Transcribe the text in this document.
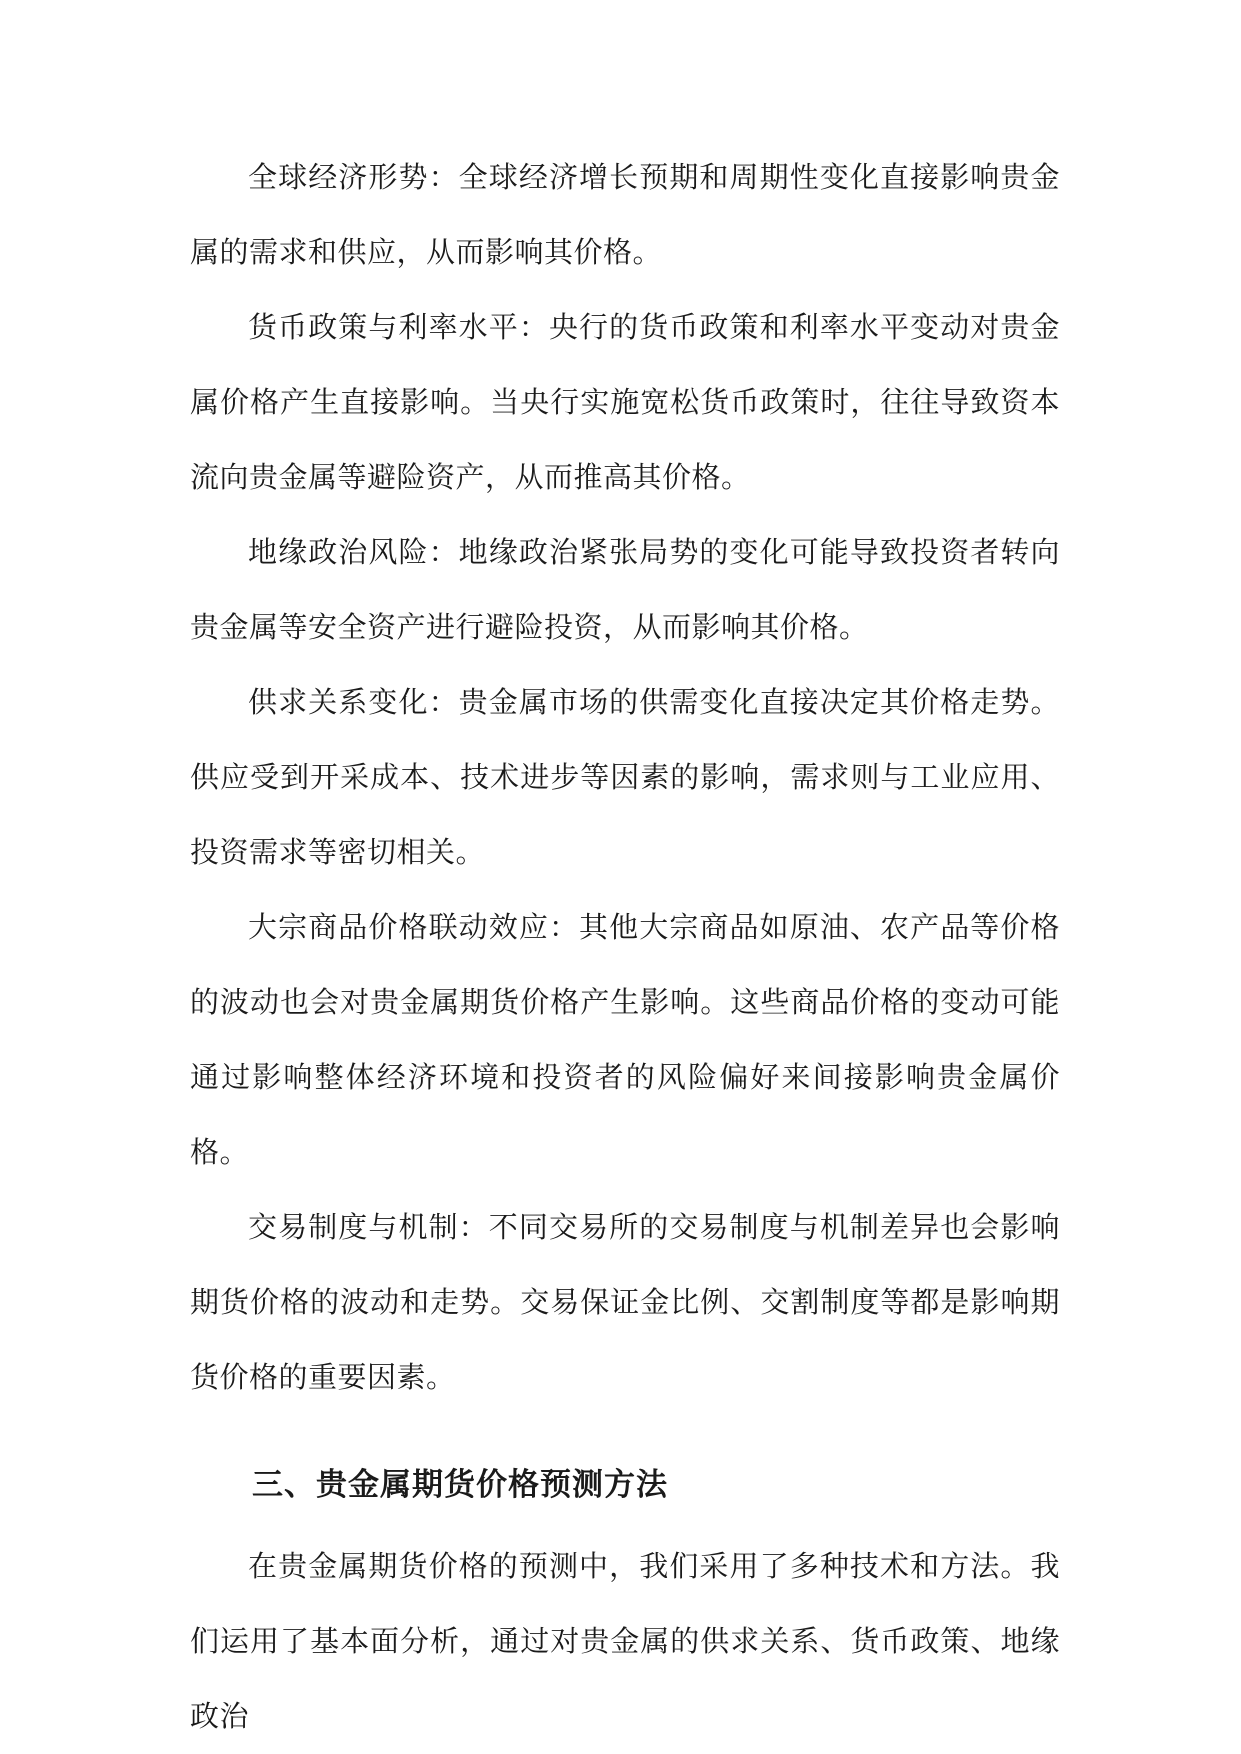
全球经济形势：全球经济增长预期和周期性变化直接影响贵金属的需求和供应，从而影响其价格。

货币政策与利率水平：央行的货币政策和利率水平变动对贵金属价格产生直接影响。当央行实施宽松货币政策时，往往导致资本流向贵金属等避险资产，从而推高其价格。

地缘政治风险：地缘政治紧张局势的变化可能导致投资者转向贵金属等安全资产进行避险投资，从而影响其价格。

供求关系变化：贵金属市场的供需变化直接决定其价格走势。供应受到开采成本、技术进步等因素的影响，需求则与工业应用、投资需求等密切相关。

大宗商品价格联动效应：其他大宗商品如原油、农产品等价格的波动也会对贵金属期货价格产生影响。这些商品价格的变动可能通过影响整体经济环境和投资者的风险偏好来间接影响贵金属价格。

交易制度与机制：不同交易所的交易制度与机制差异也会影响期货价格的波动和走势。交易保证金比例、交割制度等都是影响期货价格的重要因素。

三、贵金属期货价格预测方法

在贵金属期货价格的预测中，我们采用了多种技术和方法。我们运用了基本面分析，通过对贵金属的供求关系、货币政策、地缘政治
